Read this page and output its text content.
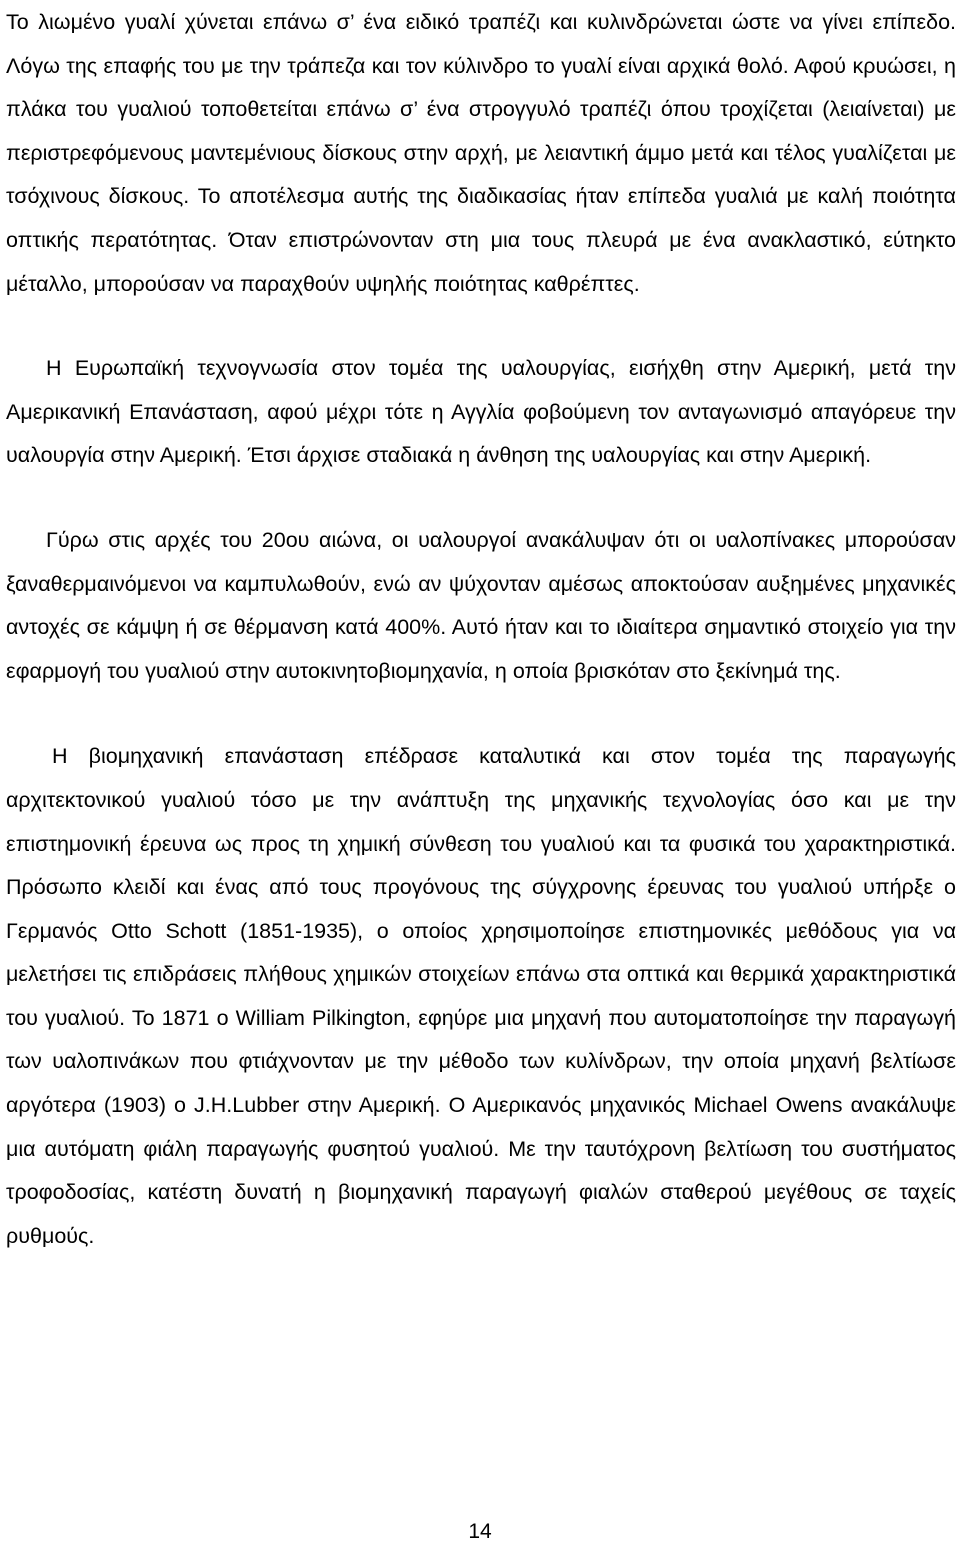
Το λιωμένο γυαλί χύνεται επάνω σ’ ένα ειδικό τραπέζι και κυλινδρώνεται ώστε να γίνει επίπεδο. Λόγω της επαφής του με την τράπεζα και τον κύλινδρο το γυαλί είναι αρχικά θολό. Αφού κρυώσει, η πλάκα του γυαλιού τοποθετείται επάνω σ’ ένα στρογγυλό τραπέζι όπου τροχίζεται (λειαίνεται) με περιστρεφόμενους μαντεμένιους δίσκους στην αρχή, με λειαντική άμμο μετά και τέλος γυαλίζεται με τσόχινους δίσκους. Το αποτέλεσμα αυτής της διαδικασίας ήταν επίπεδα γυαλιά με καλή ποιότητα οπτικής περατότητας. Όταν επιστρώνονταν στη μια τους πλευρά με ένα ανακλαστικό, εύτηκτο μέταλλο, μπορούσαν να παραχθούν υψηλής ποιότητας καθρέπτες.

Η Ευρωπαϊκή τεχνογνωσία στον τομέα της υαλουργίας, εισήχθη στην Αμερική, μετά την Αμερικανική Επανάσταση, αφού μέχρι τότε η Αγγλία φοβούμενη τον ανταγωνισμό απαγόρευε την υαλουργία στην Αμερική. Έτσι άρχισε σταδιακά η άνθηση της υαλουργίας και στην Αμερική.

Γύρω στις αρχές του 20ου αιώνα, οι υαλουργοί ανακάλυψαν ότι οι υαλοπίνακες μπορούσαν ξαναθερμαινόμενοι να καμπυλωθούν, ενώ αν ψύχονταν αμέσως αποκτούσαν αυξημένες μηχανικές αντοχές σε κάμψη ή σε θέρμανση κατά 400%. Αυτό ήταν και το ιδιαίτερα σημαντικό στοιχείο για την εφαρμογή του γυαλιού στην αυτοκινητοβιομηχανία, η οποία βρισκόταν στο ξεκίνημά της.

Η βιομηχανική επανάσταση επέδρασε καταλυτικά και στον τομέα της παραγωγής αρχιτεκτονικού γυαλιού τόσο με την ανάπτυξη της μηχανικής τεχνολογίας όσο και με την επιστημονική έρευνα ως προς τη χημική σύνθεση του γυαλιού και τα φυσικά του χαρακτηριστικά. Πρόσωπο κλειδί και ένας από τους προγόνους της σύγχρονης έρευνας του γυαλιού υπήρξε ο Γερμανός Otto Schott (1851-1935), ο οποίος χρησιμοποίησε επιστημονικές μεθόδους για να μελετήσει τις επιδράσεις πλήθους χημικών στοιχείων επάνω στα οπτικά και θερμικά χαρακτηριστικά του γυαλιού. Το 1871 ο William Pilkington, εφηύρε μια μηχανή που αυτοματοποίησε την παραγωγή των υαλοπινάκων που φτιάχνονταν με την μέθοδο των κυλίνδρων, την οποία μηχανή βελτίωσε αργότερα (1903) ο J.H.Lubber στην Αμερική. Ο Αμερικανός μηχανικός Michael Owens ανακάλυψε μια αυτόματη φιάλη παραγωγής φυσητού γυαλιού. Με την ταυτόχρονη βελτίωση του συστήματος τροφοδοσίας, κατέστη δυνατή η βιομηχανική παραγωγή φιαλών σταθερού μεγέθους σε ταχείς ρυθμούς.

14
